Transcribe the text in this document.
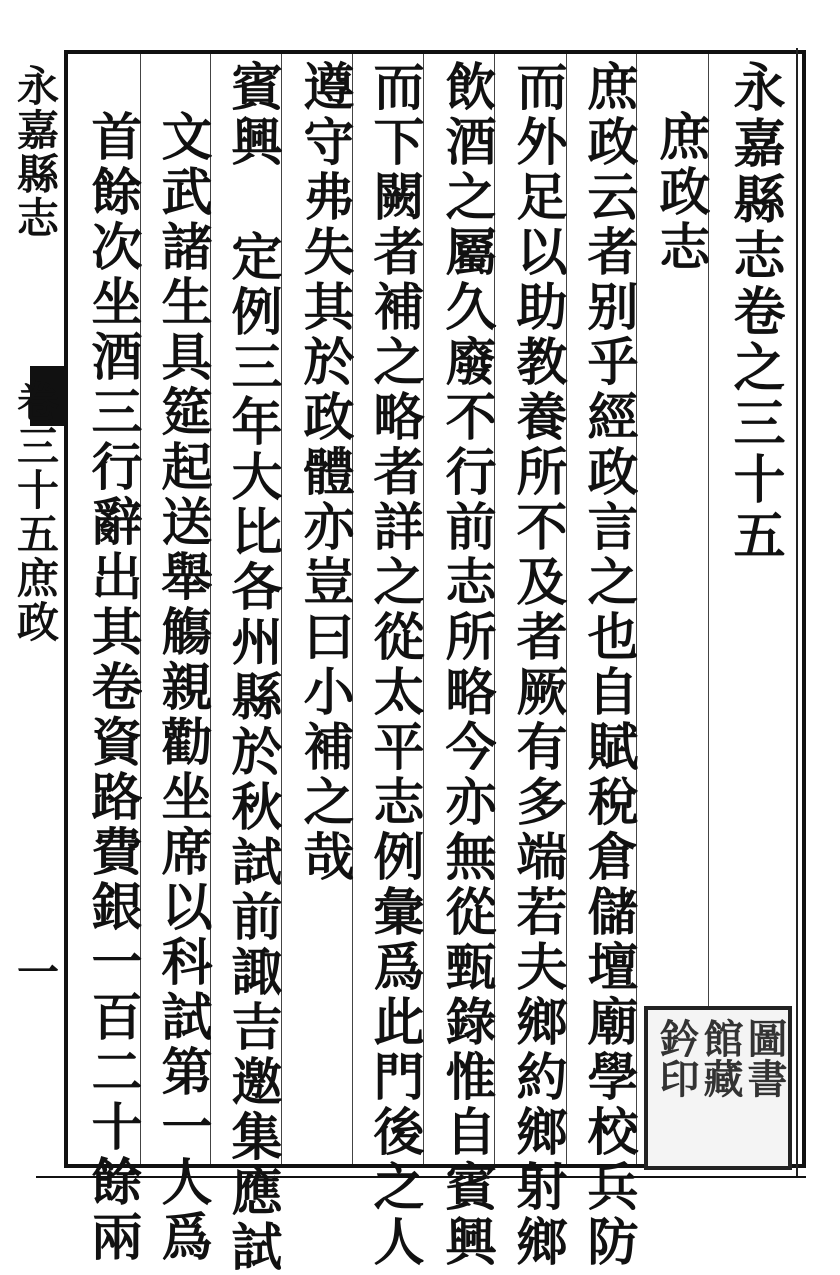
永嘉縣志
卷三十五庶政
一
永嘉縣志卷之三十五
庶政志
庶政云者别乎經政言之也自賦稅倉儲壇廟學校兵防
而外足以助教養所不及者厥有多端若夫鄉約鄉射鄉
飲酒之屬久廢不行前志所略今亦無從甄錄惟自賓興
而下闕者補之略者詳之從太平志例彙爲此門後之人
遵守弗失其於政體亦豈曰小補之哉
賓興定例三年大比各州縣於秋試前諏吉邀集應試
文武諸生具筵起送舉觴親勸坐席以科試第一人爲
首餘次坐酒三行辭出其卷資路費銀一百二十餘兩	圖書
館藏
鈐印
